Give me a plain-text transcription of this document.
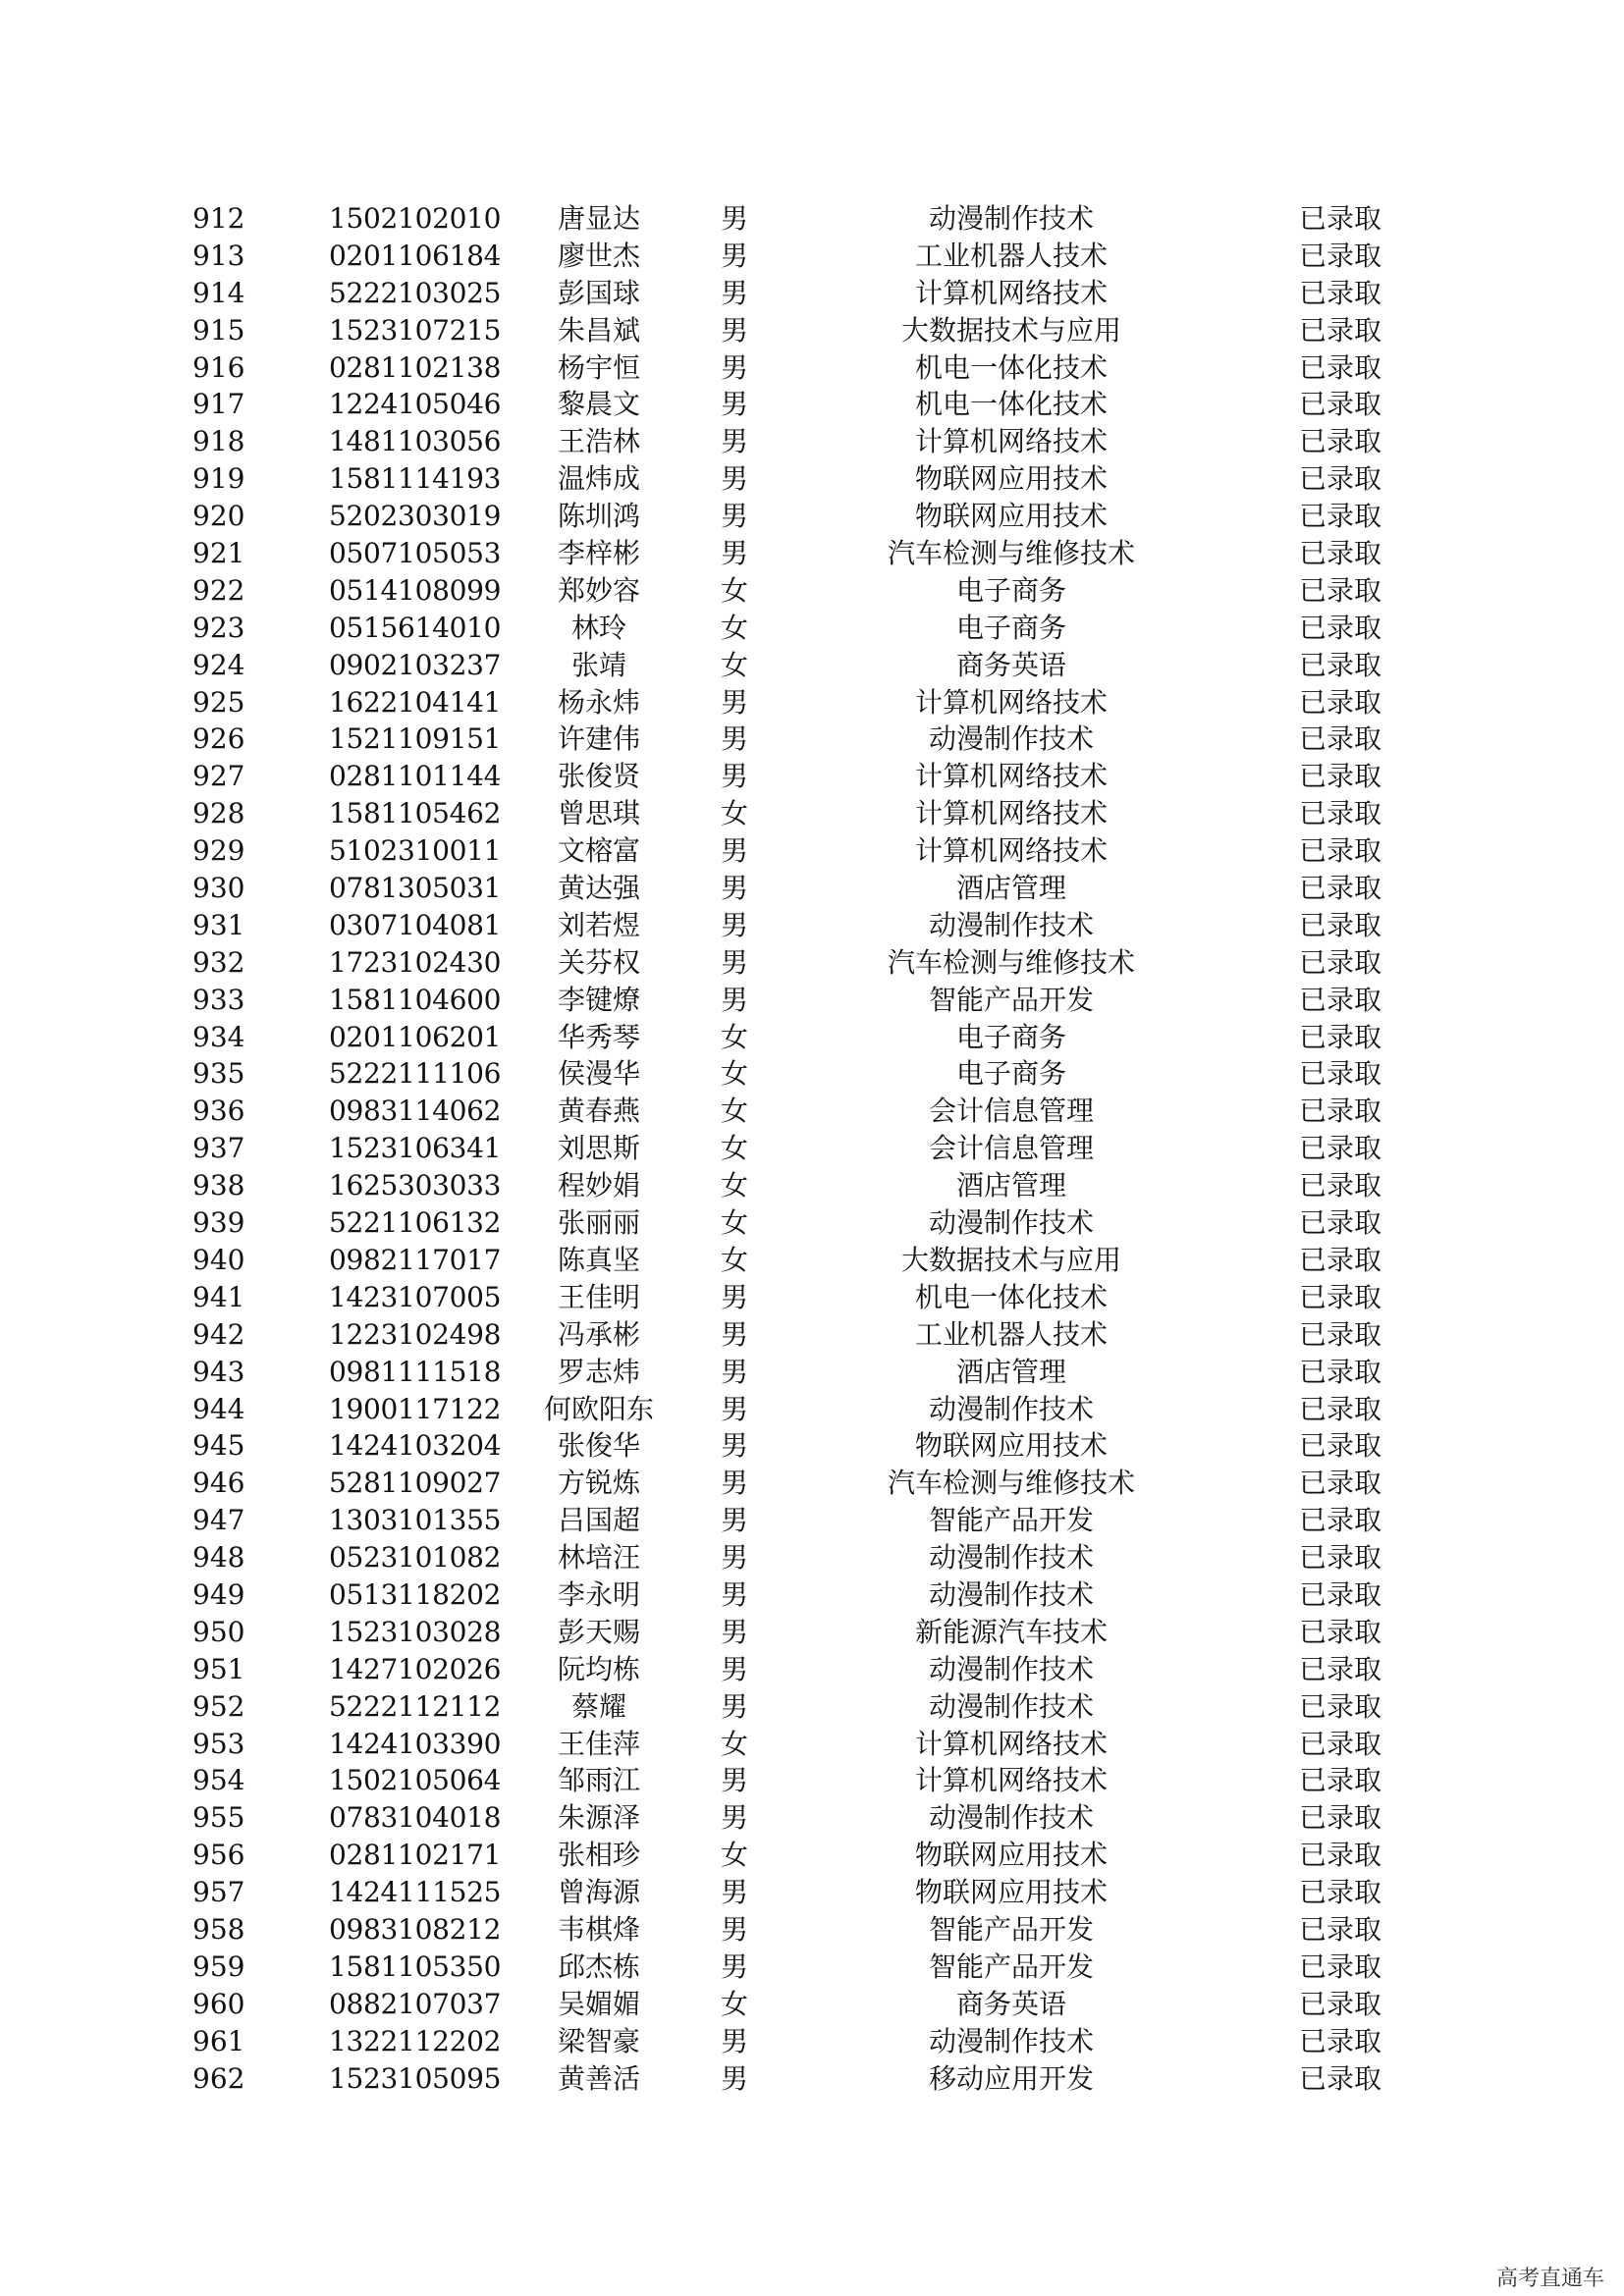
912	1502102010	唐显达	男	动漫制作技术	已录取
913	0201106184	廖世杰	男	工业机器人技术	已录取
914	5222103025	彭国球	男	计算机网络技术	已录取
915	1523107215	朱昌斌	男	大数据技术与应用	已录取
916	0281102138	杨宇恒	男	机电一体化技术	已录取
917	1224105046	黎晨文	男	机电一体化技术	已录取
918	1481103056	王浩林	男	计算机网络技术	已录取
919	1581114193	温炜成	男	物联网应用技术	已录取
920	5202303019	陈圳鸿	男	物联网应用技术	已录取
921	0507105053	李梓彬	男	汽车检测与维修技术	已录取
922	0514108099	郑妙容	女	电子商务	已录取
923	0515614010	林玲	女	电子商务	已录取
924	0902103237	张靖	女	商务英语	已录取
925	1622104141	杨永炜	男	计算机网络技术	已录取
926	1521109151	许建伟	男	动漫制作技术	已录取
927	0281101144	张俊贤	男	计算机网络技术	已录取
928	1581105462	曾思琪	女	计算机网络技术	已录取
929	5102310011	文榕富	男	计算机网络技术	已录取
930	0781305031	黄达强	男	酒店管理	已录取
931	0307104081	刘若煜	男	动漫制作技术	已录取
932	1723102430	关芬权	男	汽车检测与维修技术	已录取
933	1581104600	李键燎	男	智能产品开发	已录取
934	0201106201	华秀琴	女	电子商务	已录取
935	5222111106	侯漫华	女	电子商务	已录取
936	0983114062	黄春燕	女	会计信息管理	已录取
937	1523106341	刘思斯	女	会计信息管理	已录取
938	1625303033	程妙娟	女	酒店管理	已录取
939	5221106132	张丽丽	女	动漫制作技术	已录取
940	0982117017	陈真坚	女	大数据技术与应用	已录取
941	1423107005	王佳明	男	机电一体化技术	已录取
942	1223102498	冯承彬	男	工业机器人技术	已录取
943	0981111518	罗志炜	男	酒店管理	已录取
944	1900117122	何欧阳东	男	动漫制作技术	已录取
945	1424103204	张俊华	男	物联网应用技术	已录取
946	5281109027	方锐炼	男	汽车检测与维修技术	已录取
947	1303101355	吕国超	男	智能产品开发	已录取
948	0523101082	林培汪	男	动漫制作技术	已录取
949	0513118202	李永明	男	动漫制作技术	已录取
950	1523103028	彭天赐	男	新能源汽车技术	已录取
951	1427102026	阮均栋	男	动漫制作技术	已录取
952	5222112112	蔡耀	男	动漫制作技术	已录取
953	1424103390	王佳萍	女	计算机网络技术	已录取
954	1502105064	邹雨江	男	计算机网络技术	已录取
955	0783104018	朱源泽	男	动漫制作技术	已录取
956	0281102171	张相珍	女	物联网应用技术	已录取
957	1424111525	曾海源	男	物联网应用技术	已录取
958	0983108212	韦棋烽	男	智能产品开发	已录取
959	1581105350	邱杰栋	男	智能产品开发	已录取
960	0882107037	吴媚媚	女	商务英语	已录取
961	1322112202	梁智豪	男	动漫制作技术	已录取
962	1523105095	黄善活	男	移动应用开发	已录取
高考直通车
